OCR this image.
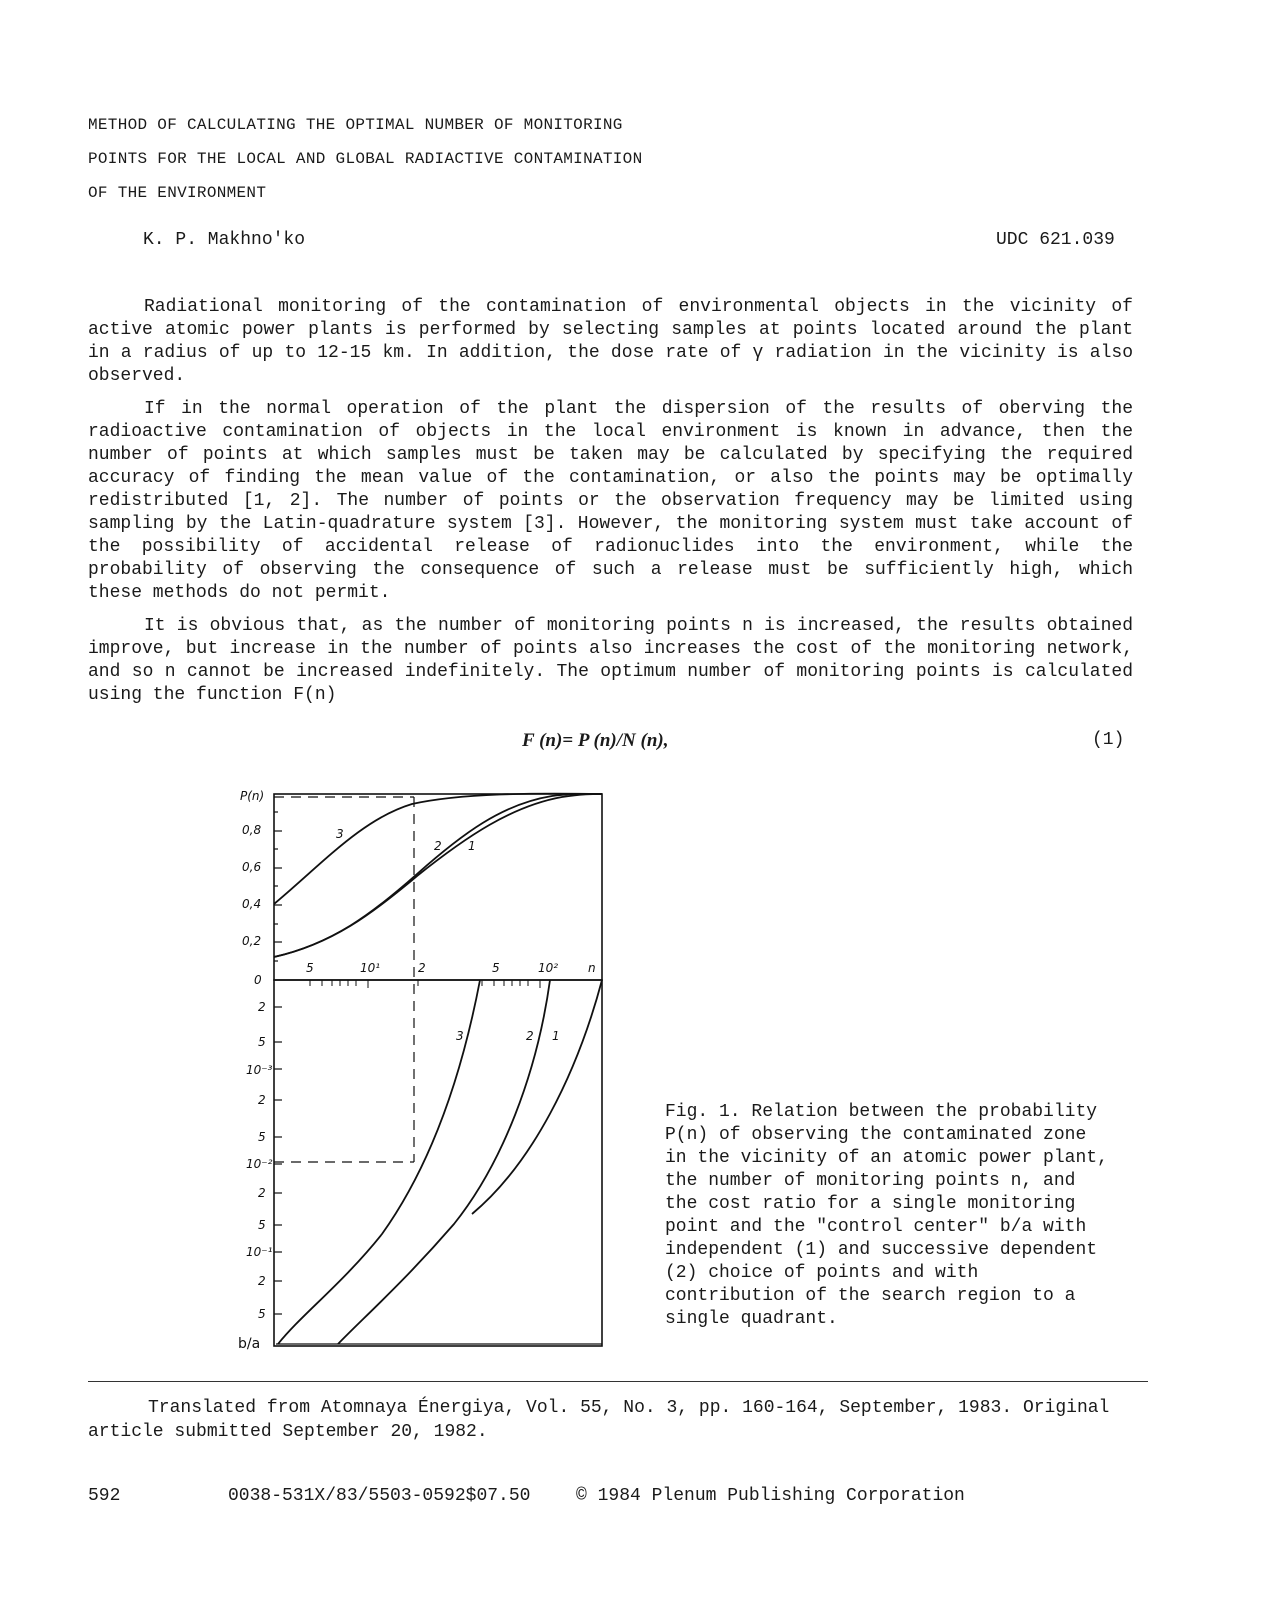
METHOD OF CALCULATING THE OPTIMAL NUMBER OF MONITORING
POINTS FOR THE LOCAL AND GLOBAL RADIACTIVE CONTAMINATION
OF THE ENVIRONMENT
K. P. Makhno'ko	UDC 621.039

Radiational monitoring of the contamination of environmental objects in the vicinity of active atomic power plants is performed by selecting samples at points located around the plant in a radius of up to 12-15 km. In addition, the dose rate of γ radiation in the vicinity is also observed.

If in the normal operation of the plant the dispersion of the results of oberving the radioactive contamination of objects in the local environment is known in advance, then the number of points at which samples must be taken may be calculated by specifying the required accuracy of finding the mean value of the contamination, or also the points may be optimally redistributed [1, 2]. The number of points or the observation frequency may be limited using sampling by the Latin-quadrature system [3]. However, the monitoring system must take account of the possibility of accidental release of radionuclides into the environment, while the probability of observing the consequence of such a release must be sufficiently high, which these methods do not permit.

It is obvious that, as the number of monitoring points n is increased, the results obtained improve, but increase in the number of points also increases the cost of the monitoring network, and so n cannot be increased indefinitely. The optimum number of monitoring points is calculated using the function F(n)

F (n)= P (n)/N (n),	(1)
P(n)
0,8
0,6
0,4
0,2
0
5	10¹	2	5	10² n
2
5
10⁻³
2
5
10⁻²
2
5
10⁻¹
2
5
b/a
3
2 1
3	2 1
Fig. 1. Relation between the probability P(n) of observing the contaminated zone in the vicinity of an atomic power plant, the number of monitoring points n, and the cost ratio for a single monitoring point and the "control center" b/a with independent (1) and successive dependent (2) choice of points and with contribution of the search region to a single quadrant.
Translated from Atomnaya Énergiya, Vol. 55, No. 3, pp. 160-164, September, 1983. Original article submitted September 20, 1982.
592	0038-531X/83/5503-0592$07.50	© 1984 Plenum Publishing Corporation
